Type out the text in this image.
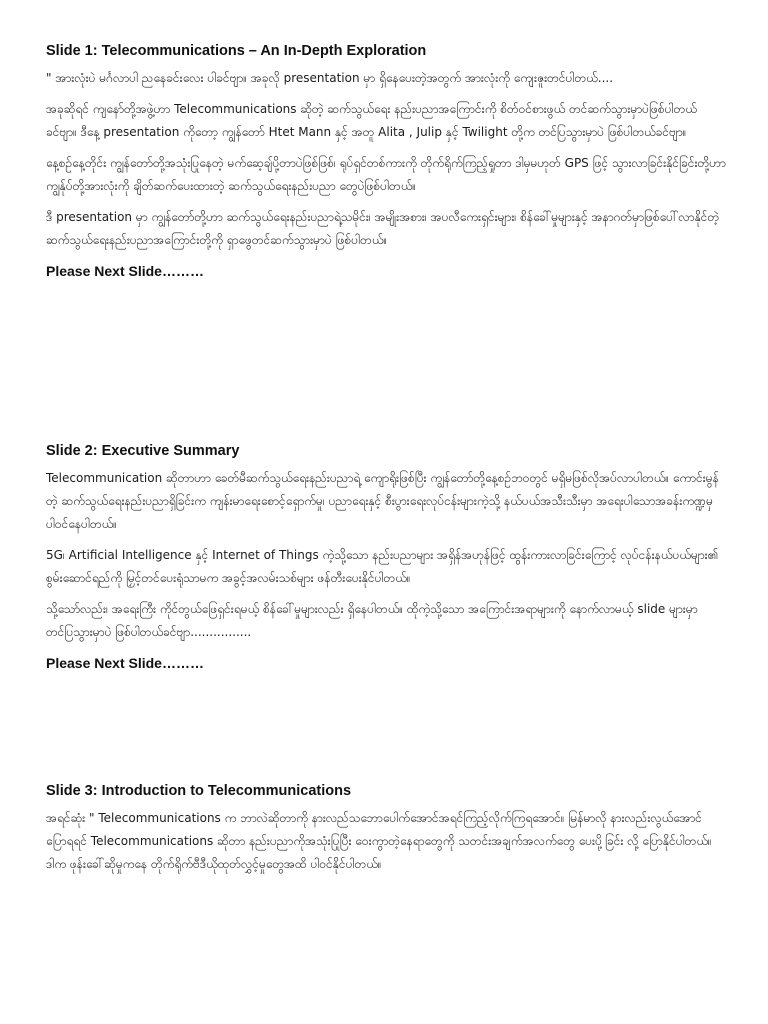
Slide 1: Telecommunications – An In-Depth Exploration

" အားလုံးပဲ မင်္ဂလာပါ ညနေခင်းလေး ပါခင်ဗျာ။ အခုလို presentation မှာ ရှိနေပေးတဲ့အတွက် အားလုံးကို ကျေးဇူးတင်ပါတယ်....

အခုဆိုရင် ကျနော်တို့အဖွဲ့ဟာ Telecommunications ဆိုတဲ့ ဆက်သွယ်ရေး နည်းပညာအကြောင်းကို စိတ်ဝင်စားဖွယ် တင်ဆက်သွားမှာပဲဖြစ်ပါတယ်ခင်ဗျာ။ ဒီနေ့ presentation ကိုတော့ ကျွန်တော် Htet Mann နှင့် အတူ Alita , Julip နှင့် Twilight တို့က တင်ပြသွားမှာပဲ ဖြစ်ပါတယ်ခင်ဗျာ။

နေ့စဉ်နေ့တိုင်း ကျွန်တော်တို့အသုံးပြုနေတဲ့ မက်ဆေ့ချ်ပို့တာပဲဖြစ်ဖြစ်၊ ရုပ်ရှင်တစ်ကားကို တိုက်ရိုက်ကြည့်ရှုတာ ဒါမှမဟုတ် GPS ဖြင့် သွားလာခြင်းနိုင်ခြင်းတို့ဟာ ကျွန်ုပ်တို့အားလုံးကို ချိတ်ဆက်ပေးထားတဲ့ ဆက်သွယ်ရေးနည်းပညာ တွေပဲဖြစ်ပါတယ်။

ဒီ presentation မှာ ကျွန်တော်တို့ဟာ ဆက်သွယ်ရေးနည်းပညာရဲ့သမိုင်း၊ အမျိုးအစား၊ အပလီကေးရှင်းများ၊ စိန်ခေါ်မှုများနှင့် အနာဂတ်မှာဖြစ်ပေါ်လာနိုင်တဲ့ ဆက်သွယ်ရေးနည်းပညာအကြောင်းတို့ကို ရှာဖွေတင်ဆက်သွားမှာပဲ ဖြစ်ပါတယ်။

Please Next Slide………

Slide 2: Executive Summary

Telecommunication ဆိုတာဟာ ခေတ်မီဆက်သွယ်ရေးနည်းပညာရဲ့ ကျောရိုးဖြစ်ပြီး ကျွန်တော်တို့နေ့စဉ်ဘဝတွင် မရှိမဖြစ်လိုအပ်လာပါတယ်။ ကောင်းမွန်တဲ့ ဆက်သွယ်ရေးနည်းပညာရှိခြင်းက ကျန်းမာရေးစောင့်ရှောက်မှု၊ ပညာရေးနှင့် စီးပွားရေးလုပ်ငန်းများကဲ့သို့ နယ်ပယ်အသီးသီးမှာ အရေးပါသောအခန်းကဏ္ဍမှ ပါဝင်နေပါတယ်။

5G၊ Artificial Intelligence နှင့် Internet of Things ကဲ့သို့သော နည်းပညာများ အရှိန်အဟုန်ဖြင့် ထွန်းကားလာခြင်းကြောင့် လုပ်ငန်းနယ်ပယ်များ၏ စွမ်းဆောင်ရည်ကို မြှင့်တင်ပေးရုံသာမက အခွင့်အလမ်းသစ်များ ဖန်တီးပေးနိုင်ပါတယ်။

သို့သော်လည်း၊ အရေးကြီး ကိုင်တွယ်ဖြေရှင်းရမယ့် စိန်ခေါ်မှုများလည်း ရှိနေပါတယ်။ ထိုကဲ့သို့သော အကြောင်းအရာများကို နောက်လာမယ့် slide များမှာ တင်ပြသွားမှာပဲ ဖြစ်ပါတယ်ခင်ဗျာ................

Please Next Slide………

Slide 3: Introduction to Telecommunications

အရင်ဆုံး " Telecommunications က ဘာလဲဆိုတာကို နားလည်သဘောပေါက်အောင်အရင်ကြည့်လိုက်ကြရအောင်။ မြန်မာလို နားလည်းလွယ်အောင် ပြောရရင် Telecommunications ဆိုတာ နည်းပညာကိုအသုံးပြုပြီး ဝေးကွာတဲ့နေရာတွေကို သတင်းအချက်အလက်တွေ ပေးပို့ခြင်း လို့ ပြောနိုင်ပါတယ်။ ဒါက ဖုန်းခေါ်ဆိုမှုကနေ တိုက်ရိုက်ဗီဒီယိုထုတ်လွှင့်မှုတွေအထိ ပါဝင်နိုင်ပါတယ်။
